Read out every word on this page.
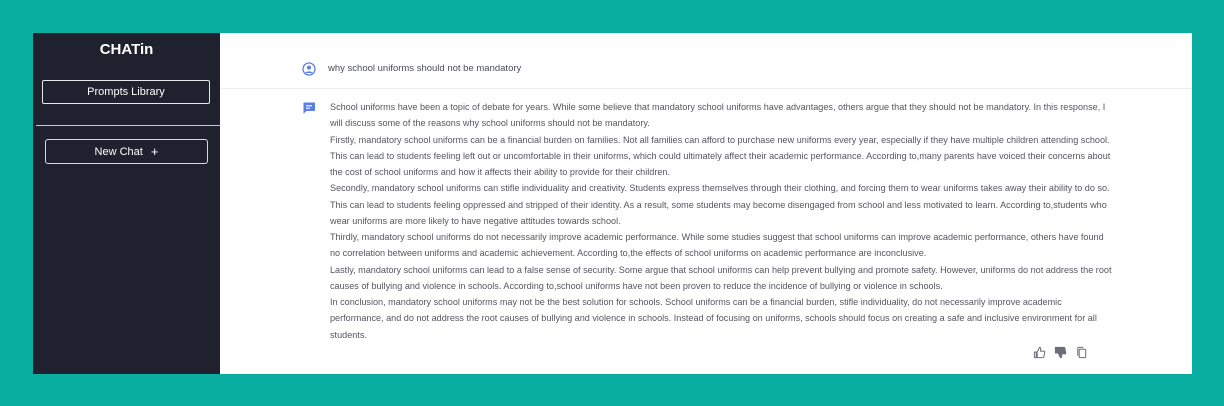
CHATin
Prompts Library
New Chat +
why school uniforms should not be mandatory

School uniforms have been a topic of debate for years. While some believe that mandatory school uniforms have advantages, others argue that they should not be mandatory. In this response, I will discuss some of the reasons why school uniforms should not be mandatory.

Firstly, mandatory school uniforms can be a financial burden on families. Not all families can afford to purchase new uniforms every year, especially if they have multiple children attending school. This can lead to students feeling left out or uncomfortable in their uniforms, which could ultimately affect their academic performance. According to,many parents have voiced their concerns about the cost of school uniforms and how it affects their ability to provide for their children.

Secondly, mandatory school uniforms can stifle individuality and creativity. Students express themselves through their clothing, and forcing them to wear uniforms takes away their ability to do so. This can lead to students feeling oppressed and stripped of their identity. As a result, some students may become disengaged from school and less motivated to learn. According to,students who wear uniforms are more likely to have negative attitudes towards school.

Thirdly, mandatory school uniforms do not necessarily improve academic performance. While some studies suggest that school uniforms can improve academic performance, others have found no correlation between uniforms and academic achievement. According to,the effects of school uniforms on academic performance are inconclusive.

Lastly, mandatory school uniforms can lead to a false sense of security. Some argue that school uniforms can help prevent bullying and promote safety. However, uniforms do not address the root causes of bullying and violence in schools. According to,school uniforms have not been proven to reduce the incidence of bullying or violence in schools.

In conclusion, mandatory school uniforms may not be the best solution for schools. School uniforms can be a financial burden, stifle individuality, do not necessarily improve academic performance, and do not address the root causes of bullying and violence in schools. Instead of focusing on uniforms, schools should focus on creating a safe and inclusive environment for all students.
